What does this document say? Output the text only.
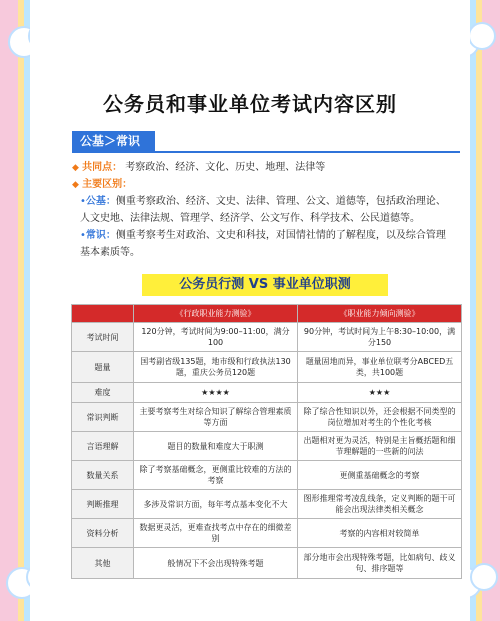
公务员和事业单位考试内容区别
公基＞常识
◆ 共同点： 考察政治、经济、文化、历史、地理、法律等
◆ 主要区别：
•公基：侧重考察政治、经济、文史、法律、管理、公文、道德等，包括政治理论、
人文史地、法律法规、管理学、经济学、公文写作、科学技术、公民道德等。
•常识：侧重考察考生对政治、文史和科技，对国情社情的了解程度，以及综合管理
基本素质等。
公务员行测 VS 事业单位职测
	《行政职业能力测验》	《职业能力倾向测验》
考试时间	120分钟，考试时间为9:00–11:00，满分100	90分钟，考试时间为上午8:30–10:00，满分150
题量	国考副省级135题，地市级和行政执法130题，重庆公务员120题	题量固地而异，事业单位联考分ABCED五类，共100题
难度	★★★★	★★★
常识判断	主要考察考生对综合知识了解综合管理素质等方面	除了综合性知识以外，还会根据不同类型的岗位增加对考生的个性化考核
言语理解	题目的数量和难度大于职测	出题相对更为灵活，特别是主旨概括题和细节理解题的一些新的问法
数量关系	除了考察基础概念，更侧重比较难的方法的考察	更侧重基础概念的考察
判断推理	多涉及常识方面，每年考点基本变化不大	图形推理常考凌乱线条，定义判断的题干可能会出现法律类相关概念
资料分析	数据更灵活，更难查找考点中存在的细微差别	考察的内容相对较简单
其他	般情况下不会出现特殊考题	部分地市会出现特殊考题，比如病句、歧义句、排序题等
